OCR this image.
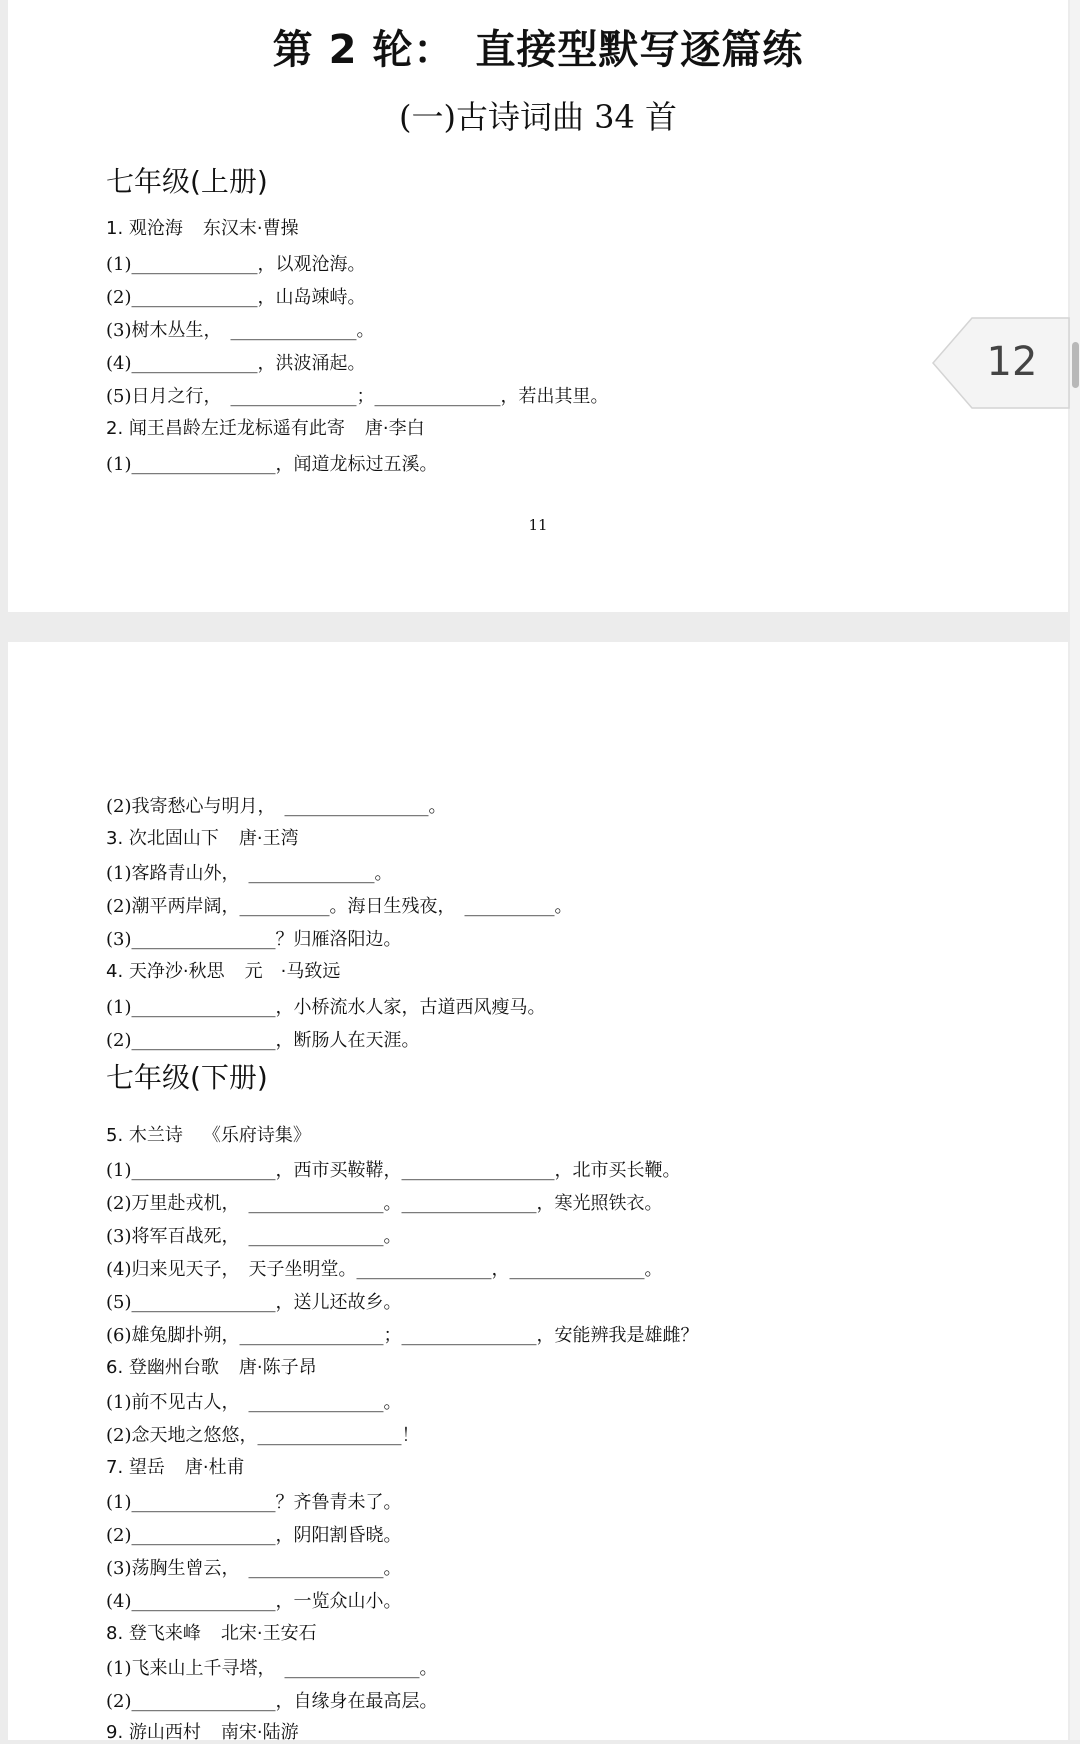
第 2 轮：　直接型默写逐篇练
(一)古诗词曲 34 首
七年级(上册)
1. 观沧海 东汉末·曹操
(1)______________，以观沧海。
(2)______________，山岛竦峙。
(3)树木丛生，　______________。
(4)______________，洪波涌起。
(5)日月之行，　______________；______________，若出其里。
2. 闻王昌龄左迁龙标遥有此寄 唐·李白
(1)________________，闻道龙标过五溪。
11
12
(2)我寄愁心与明月，　________________。
3. 次北固山下 唐·王湾
(1)客路青山外，　______________。
(2)潮平两岸阔，__________。海日生残夜，　__________。
(3)________________？归雁洛阳边。
4. 天净沙·秋思 元　·马致远
(1)________________，小桥流水人家，古道西风瘦马。
(2)________________，断肠人在天涯。
七年级(下册)
5. 木兰诗 《乐府诗集》
(1)________________，西市买鞍鞯，_________________，北市买长鞭。
(2)万里赴戎机，　_______________。_______________，寒光照铁衣。
(3)将军百战死，　_______________。
(4)归来见天子，　天子坐明堂。_______________，_______________。
(5)________________，送儿还故乡。
(6)雄兔脚扑朔，________________；_______________，安能辨我是雄雌？
6. 登幽州台歌 唐·陈子昂
(1)前不见古人，　_______________。
(2)念天地之悠悠，________________！
7. 望岳 唐·杜甫
(1)________________？齐鲁青未了。
(2)________________，阴阳割昏晓。
(3)荡胸生曾云，　_______________。
(4)________________，一览众山小。
8. 登飞来峰 北宋·王安石
(1)飞来山上千寻塔，　_______________。
(2)________________，自缘身在最高层。
9. 游山西村 南宋·陆游
